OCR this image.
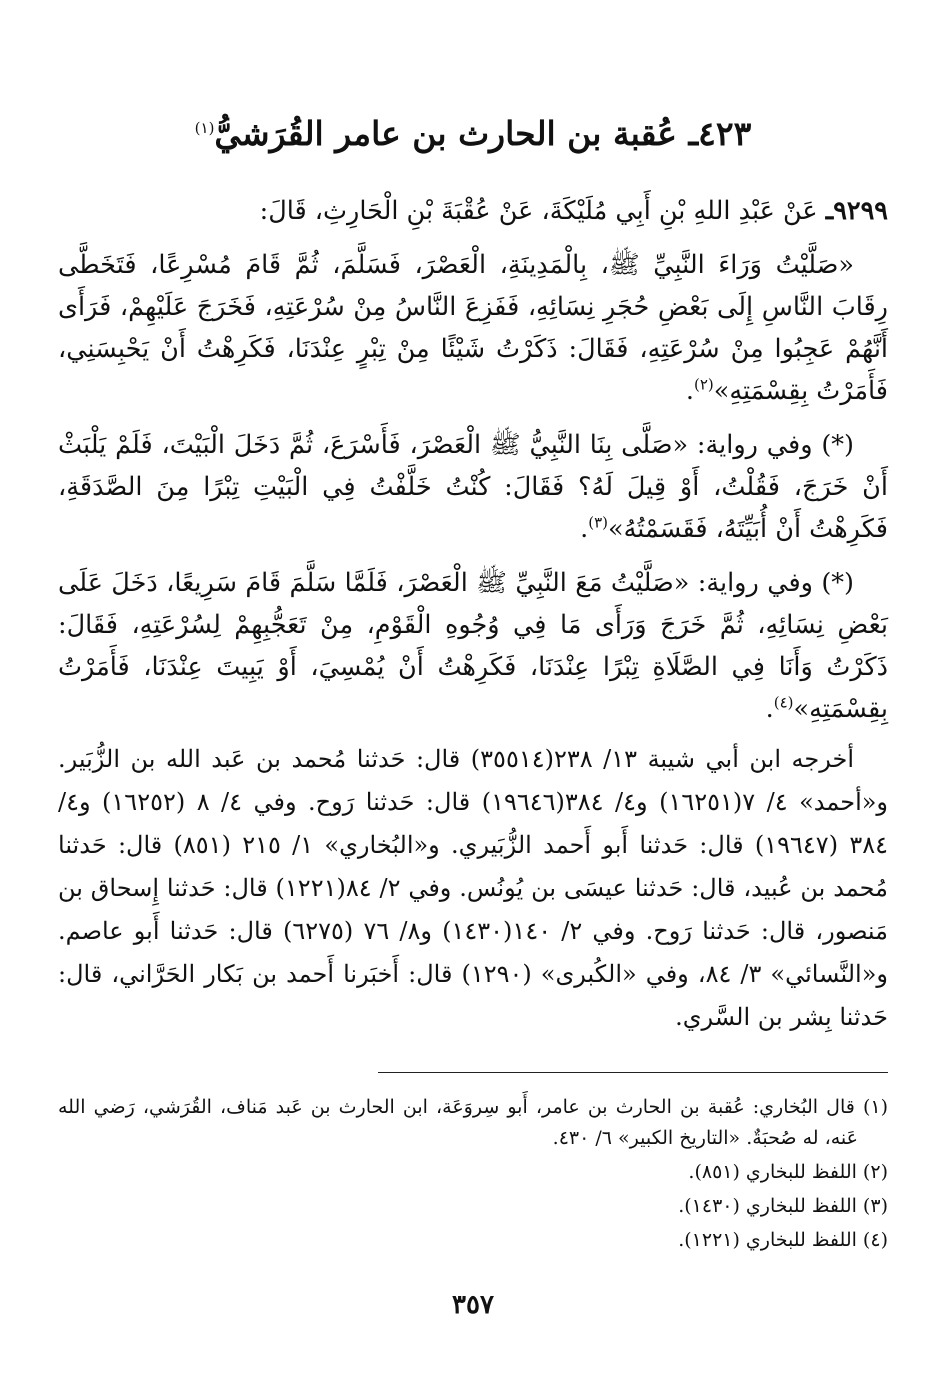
٤٢٣ـ عُقبة بن الحارث بن عامر القُرَشيُّ$^{(١)}$

٩٢٩٩ـ عَنْ عَبْدِ اللهِ بْنِ أَبِي مُلَيْكَةَ، عَنْ عُقْبَةَ بْنِ الْحَارِثِ، قَالَ:

«صَلَّيْتُ وَرَاءَ النَّبِيِّ ﷺ، بِالْمَدِينَةِ، الْعَصْرَ، فَسَلَّمَ، ثُمَّ قَامَ مُسْرِعًا، فَتَخَطَّى رِقَابَ النَّاسِ إِلَى بَعْضِ حُجَرِ نِسَائِهِ، فَفَزِعَ النَّاسُ مِنْ سُرْعَتِهِ، فَخَرَجَ عَلَيْهِمْ، فَرَأَى أَنَّهُمْ عَجِبُوا مِنْ سُرْعَتِهِ، فَقَالَ: ذَكَرْتُ شَيْئًا مِنْ تِبْرٍ عِنْدَنَا، فَكَرِهْتُ أَنْ يَحْبِسَنِي، فَأَمَرْتُ بِقِسْمَتِهِ»$^{(٢)}$.

(*) وفي رواية: «صَلَّى بِنَا النَّبِيُّ ﷺ الْعَصْرَ، فَأَسْرَعَ، ثُمَّ دَخَلَ الْبَيْتَ، فَلَمْ يَلْبَثْ أَنْ خَرَجَ، فَقُلْتُ، أَوْ قِيلَ لَهُ؟ فَقَالَ: كُنْتُ خَلَّفْتُ فِي الْبَيْتِ تِبْرًا مِنَ الصَّدَقَةِ، فَكَرِهْتُ أَنْ أُبَيِّتَهُ، فَقَسَمْتُهُ»$^{(٣)}$.

(*) وفي رواية: «صَلَّيْتُ مَعَ النَّبِيِّ ﷺ الْعَصْرَ، فَلَمَّا سَلَّمَ قَامَ سَرِيعًا، دَخَلَ عَلَى بَعْضِ نِسَائِهِ، ثُمَّ خَرَجَ وَرَأَى مَا فِي وُجُوهِ الْقَوْمِ، مِنْ تَعَجُّبِهِمْ لِسُرْعَتِهِ، فَقَالَ: ذَكَرْتُ وَأَنَا فِي الصَّلَاةِ تِبْرًا عِنْدَنَا، فَكَرِهْتُ أَنْ يُمْسِيَ، أَوْ يَبِيتَ عِنْدَنَا، فَأَمَرْتُ بِقِسْمَتِهِ»$^{(٤)}$.

أخرجه ابن أبي شيبة ١٣/ ٢٣٨(٣٥٥١٤) قال: حَدثنا مُحمد بن عَبد الله بن الزُّبَير. و«أحمد» ٤/ ٧(١٦٢٥١) و٤/ ٣٨٤(١٩٦٤٦) قال: حَدثنا رَوح. وفي ٤/ ٨ (١٦٢٥٢) و٤/ ٣٨٤ (١٩٦٤٧) قال: حَدثنا أَبو أَحمد الزُّبَيري. و«البُخاري» ١/ ٢١٥ (٨٥١) قال: حَدثنا مُحمد بن عُبيد، قال: حَدثنا عيسَى بن يُونُس. وفي ٢/ ٨٤(١٢٢١) قال: حَدثنا إِسحاق بن مَنصور، قال: حَدثنا رَوح. وفي ٢/ ١٤٠(١٤٣٠) و٨/ ٧٦ (٦٢٧٥) قال: حَدثنا أَبو عاصم. و«النَّسائي» ٣/ ٨٤، وفي «الكُبرى» (١٢٩٠) قال: أَخبَرنا أَحمد بن بَكار الحَرَّاني، قال: حَدثنا بِشر بن السَّري.
(١) قال البُخاري: عُقبة بن الحارث بن عامر، أَبو سِروَعَة، ابن الحارث بن عَبد مَناف، القُرَشي، رَضي الله عَنه، له صُحبَةٌ. «التاريخ الكبير» ٦/ ٤٣٠.
(٢) اللفظ للبخاري (٨٥١).
(٣) اللفظ للبخاري (١٤٣٠).
(٤) اللفظ للبخاري (١٢٢١).
٣٥٧
